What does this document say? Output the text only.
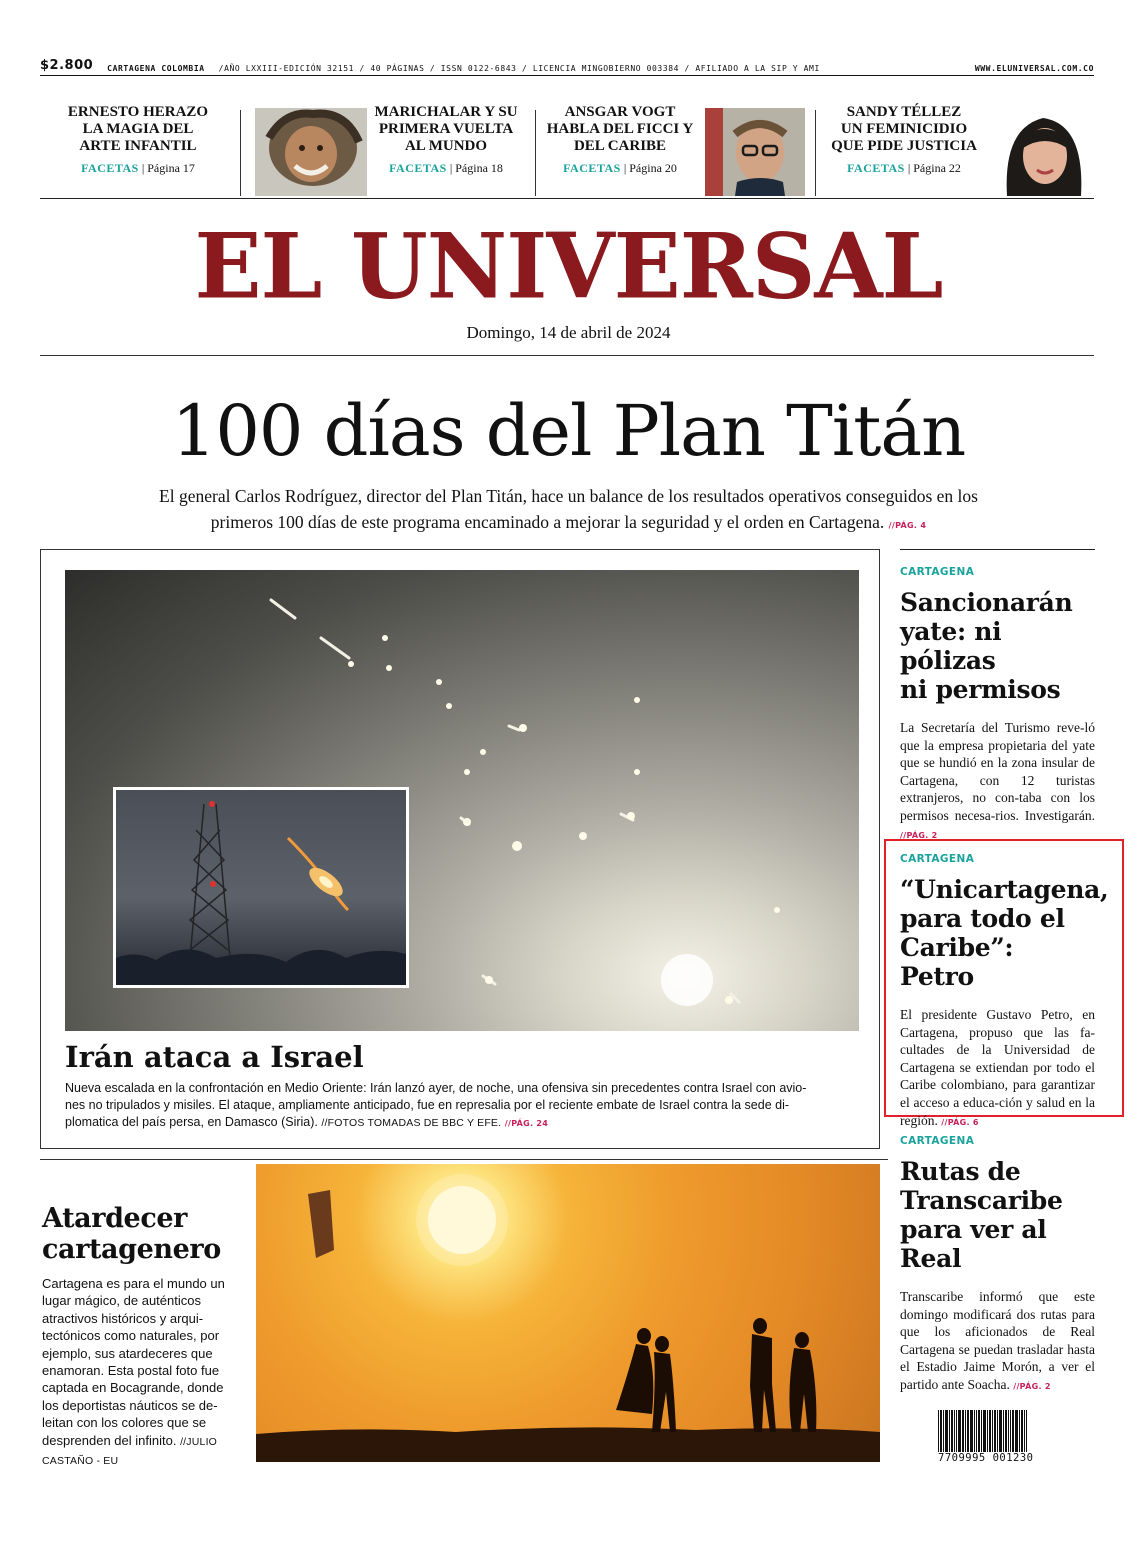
$2.800 CARTAGENA COLOMBIA /AÑO LXXIII-EDICIÓN 32151 / 40 PÁGINAS / ISSN 0122-6843 / LICENCIA MINGOBIERNO 003384 / AFILIADO A LA SIP Y AMI	WWW.ELUNIVERSAL.COM.CO
ERNESTO HERAZO
LA MAGIA DEL
ARTE INFANTIL
FACETAS | Página 17
MARICHALAR Y SU
PRIMERA VUELTA
AL MUNDO
FACETAS | Página 18
ANSGAR VOGT
HABLA DEL FICCI Y
DEL CARIBE
FACETAS | Página 20
SANDY TÉLLEZ
UN FEMINICIDIO
QUE PIDE JUSTICIA
FACETAS | Página 22
EL UNIVERSAL
Domingo, 14 de abril de 2024
100 días del Plan Titán
El general Carlos Rodríguez, director del Plan Titán, hace un balance de los resultados operativos conseguidos en los
primeros 100 días de este programa encaminado a mejorar la seguridad y el orden en Cartagena. //PÁG. 4
Irán ataca a Israel
Nueva escalada en la confrontación en Medio Oriente: Irán lanzó ayer, de noche, una ofensiva sin precedentes contra Israel con avio-
nes no tripulados y misiles. El ataque, ampliamente anticipado, fue en represalia por el reciente embate de Israel contra la sede di-
plomatica del país persa, en Damasco (Siria). //FOTOS TOMADAS DE BBC Y EFE. //PÁG. 24
CARTAGENA
Sancionarán
yate: ni pólizas
ni permisos
La Secretaría del Turismo reve-ló que la empresa propietaria del yate que se hundió en la zona insular de Cartagena, con 12 turistas extranjeros, no con-taba con los permisos necesa-rios. Investigarán. //PÁG. 2
CARTAGENA
“Unicartagena,
para todo el
Caribe”: Petro
El presidente Gustavo Petro, en Cartagena, propuso que las fa-cultades de la Universidad de Cartagena se extiendan por todo el Caribe colombiano, para garantizar el acceso a educa-ción y salud en la región. //PÁG. 6
CARTAGENA
Rutas de
Transcaribe
para ver al Real
Transcaribe informó que este domingo modificará dos rutas para que los aficionados de Real Cartagena se puedan trasladar hasta el Estadio Jaime Morón, a ver el partido ante Soacha. //PÁG. 2
Atardecer
cartagenero
Cartagena es para el mundo un lugar mágico, de auténticos atractivos históricos y arqui-tectónicos como naturales, por ejemplo, sus atardeceres que enamoran. Esta postal foto fue captada en Bocagrande, donde los deportistas náuticos se de-leitan con los colores que se desprenden del infinito. //JULIO CASTAÑO - EU	7709995 001230
